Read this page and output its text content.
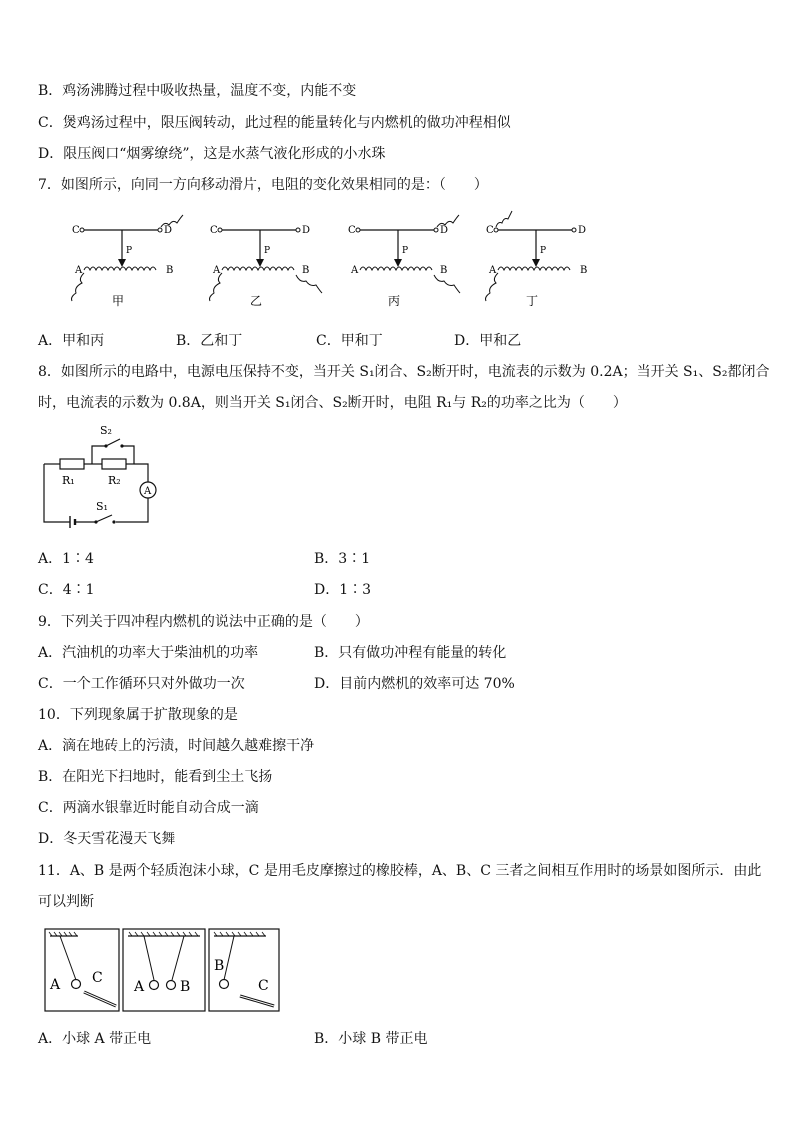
B．鸡汤沸腾过程中吸收热量，温度不变，内能不变
C．煲鸡汤过程中，限压阀转动，此过程的能量转化与内燃机的做功冲程相似
D．限压阀口“烟雾缭绕”，这是水蒸气液化形成的小水珠
7．如图所示，向同一方向移动滑片，电阻的变化效果相同的是：（　　）
C	D
P
A	B
甲
C	D
P
A	B
乙
C	D
P
A	B
丙
C	D
P
A	B
丁
A．甲和丙	B．乙和丁	C．甲和丁	D．甲和乙
8．如图所示的电路中，电源电压保持不变，当开关 S₁闭合、S₂断开时，电流表的示数为 0.2A；当开关 S₁、S₂都闭合
时，电流表的示数为 0.8A，则当开关 S₁闭合、S₂断开时，电阻 R₁与 R₂的功率之比为（　　）
R₁	R₂
S₂
A
S₁
A．1∶4	B．3∶1
C．4∶1	D．1∶3
9．下列关于四冲程内燃机的说法中正确的是（　　）
A．汽油机的功率大于柴油机的功率	B．只有做功冲程有能量的转化
C．一个工作循环只对外做功一次	D．目前内燃机的效率可达 70%
10．下列现象属于扩散现象的是
A．滴在地砖上的污渍，时间越久越难擦干净
B．在阳光下扫地时，能看到尘土飞扬
C．两滴水银靠近时能自动合成一滴
D．冬天雪花漫天飞舞
11．A、B 是两个轻质泡沫小球，C 是用毛皮摩擦过的橡胶棒，A、B、C 三者之间相互作用时的场景如图所示．由此
可以判断
A C
A	B
B
C
A．小球 A 带正电	B．小球 B 带正电
